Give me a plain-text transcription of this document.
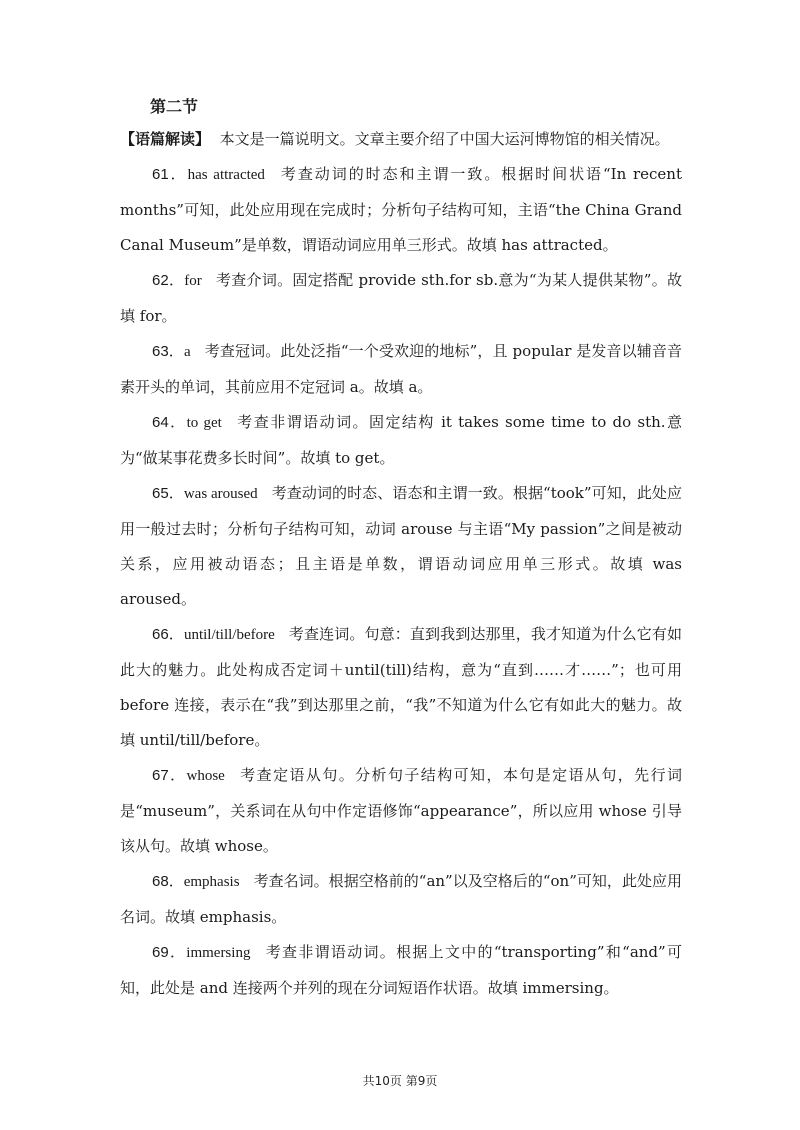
第二节

【语篇解读】 本文是一篇说明文。文章主要介绍了中国大运河博物馆的相关情况。

61．has attracted 考查动词的时态和主谓一致。根据时间状语“In recent months”可知，此处应用现在完成时；分析句子结构可知，主语“the China Grand Canal Museum”是单数，谓语动词应用单三形式。故填 has attracted。

62．for 考查介词。固定搭配 provide sth.for sb.意为“为某人提供某物”。故填 for。

63．a 考查冠词。此处泛指“一个受欢迎的地标”，且 popular 是发音以辅音音素开头的单词，其前应用不定冠词 a。故填 a。

64．to get 考查非谓语动词。固定结构 it takes some time to do sth.意为“做某事花费多长时间”。故填 to get。

65．was aroused 考查动词的时态、语态和主谓一致。根据“took”可知，此处应用一般过去时；分析句子结构可知，动词 arouse 与主语“My passion”之间是被动关系，应用被动语态；且主语是单数，谓语动词应用单三形式。故填 was aroused。

66．until/till/before 考查连词。句意：直到我到达那里，我才知道为什么它有如此大的魅力。此处构成否定词＋until(till)结构，意为“直到……才……”；也可用 before 连接，表示在“我”到达那里之前，“我”不知道为什么它有如此大的魅力。故填 until/till/before。

67．whose 考查定语从句。分析句子结构可知，本句是定语从句，先行词是“museum”，关系词在从句中作定语修饰“appearance”，所以应用 whose 引导该从句。故填 whose。

68．emphasis 考查名词。根据空格前的“an”以及空格后的“on”可知，此处应用名词。故填 emphasis。

69．immersing 考查非谓语动词。根据上文中的“transporting”和“and”可知，此处是 and 连接两个并列的现在分词短语作状语。故填 immersing。

共10页 第9页
